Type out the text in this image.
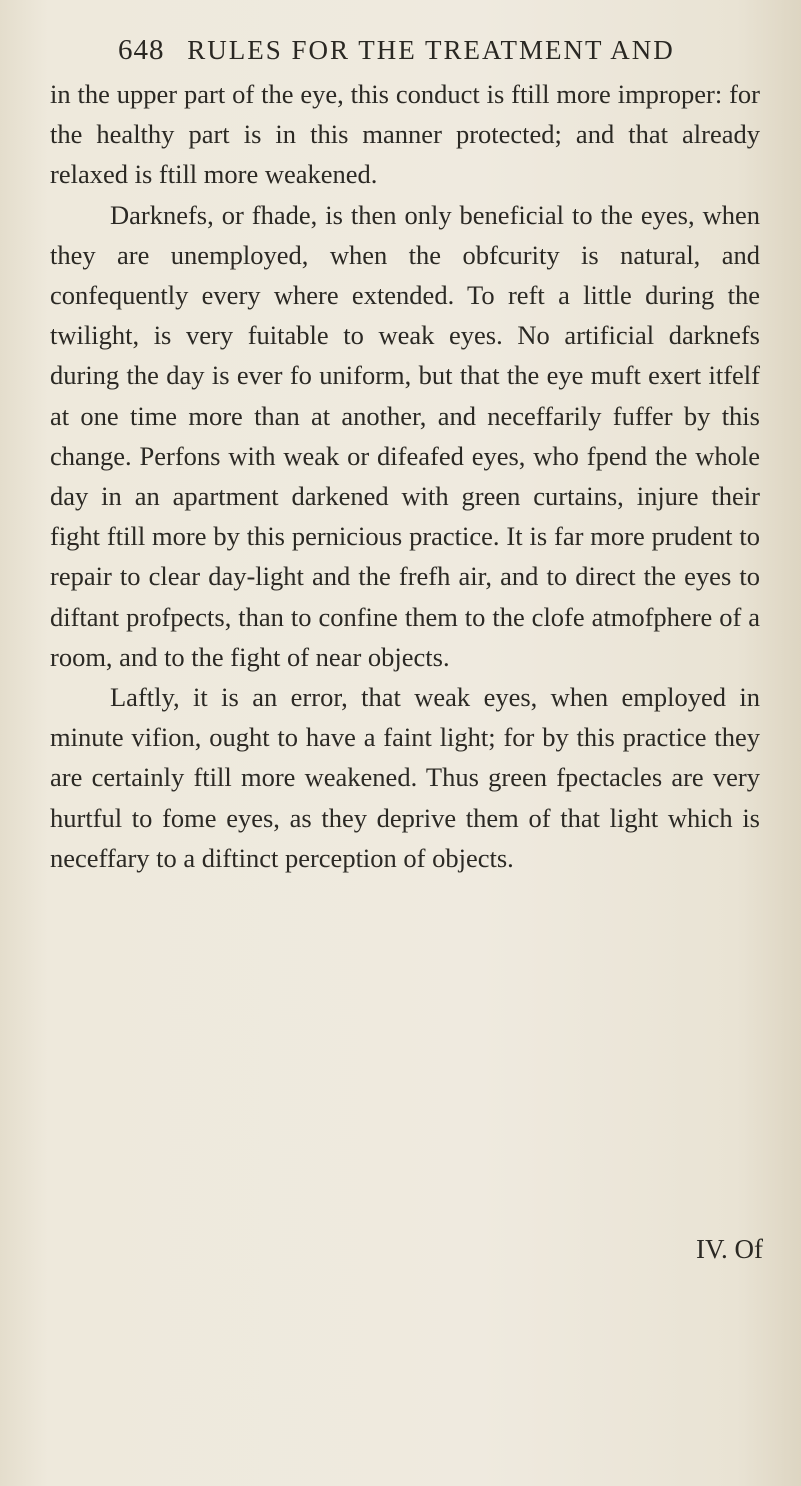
648 RULES FOR THE TREATMENT AND

in the upper part of the eye, this conduct is ftill more improper: for the healthy part is in this manner protected; and that already relaxed is ftill more weakened.

Darknefs, or fhade, is then only beneficial to the eyes, when they are unemployed, when the obfcurity is natural, and confequently every where extended. To reft a little during the twilight, is very fuitable to weak eyes. No artificial darknefs during the day is ever fo uniform, but that the eye muft exert itfelf at one time more than at another, and neceffarily fuffer by this change. Perfons with weak or difeafed eyes, who fpend the whole day in an apartment darkened with green curtains, injure their fight ftill more by this pernicious practice. It is far more prudent to repair to clear day-light and the frefh air, and to direct the eyes to diftant profpects, than to confine them to the clofe atmofphere of a room, and to the fight of near objects.

Laftly, it is an error, that weak eyes, when employed in minute vifion, ought to have a faint light; for by this practice they are certainly ftill more weakened. Thus green fpectacles are very hurtful to fome eyes, as they deprive them of that light which is neceffary to a diftinct perception of objects.

IV. Of
